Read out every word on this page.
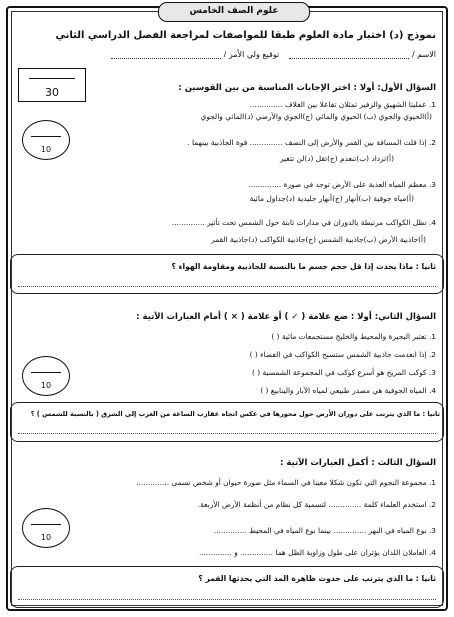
علوم الصف الخامس
نموذج (د) اختبار مادة العلوم طبقا للمواصفات لمراجعة الفصل الدراسي الثاني
الاسم /     توقيع ولي الأمر /
30	السؤال الأول: أولا : اختر الإجابات المناسبة من بين القوسين :
10
1. عمليتا الشهيق والزفير تمثلان تفاعلا بين الغلاف ..............
(أ)الحيوي والجوي (ب) الحيوي والمائي (ج)الجوي والأرضي (د)المائي والجوي
2. إذا قلت المسافة بين القمر والأرض إلى النصف .............. قوة الجاذبية بينهما .
(أ)تزداد (ب)تنعدم (ج)تقل (د)لن تتغير
3. معظم المياه العذبة على الأرض توجد في صورة ..............
(أ)مياه جوفية (ب)أنهار (ج)أنهار جليدية (د)جداول مائية
4. تظل الكواكب مرتبطة بالدوران في مدارات ثابتة حول الشمس تحت تأثير ..............
(أ)جاذبية الأرض (ب)جاذبية الشمس (ج)جاذبية الكواكب (د)جاذبية القمر
ثانيا : ماذا يحدث إذا قل حجم جسم ما بالنسبة للجاذبية ومقاومة الهواء ؟
السؤال الثاني: أولا : ضع علامة ( ✓ ) أو علامة ( × ) أمام العبارات الآتية :
10
1. تعتبر البحيرة والمحيط والخليج مستجمعات مائية ( )
2. إذا انعدمت جاذبية الشمس ستسبح الكواكب في الفضاء ( )
3. كوكب المريخ هو أسرع كوكب في المجموعة الشمسية ( )
4. المياه الجوفية هي مصدر طبيعي لمياه الآبار والينابيع ( )
ثانيا : ما الذي يترتب على دوران الأرض حول محورها في عكس اتجاه عقارب الساعة من الغرب إلى الشرق ( بالنسبة للشمس ) ؟
السؤال الثالث : أكمل العبارات الآتية :
10
1. مجموعة النجوم التي تكون شكلا معينا في السماء مثل صورة حيوان أو شخص تسمى ..............
2. استخدم العلماء كلمة .............. لتسمية كل نظام من أنظمة الأرض الأربعة.
3. نوع المياه في النهر .............. بينما نوع المياه في المحيط ..............
4. العاملان اللذان يؤثران على طول وزاوية الظل هما .............. و ..............
ثانيا : ما الذي يترتب على حدوث ظاهرة المد التي يحدثها القمر ؟
